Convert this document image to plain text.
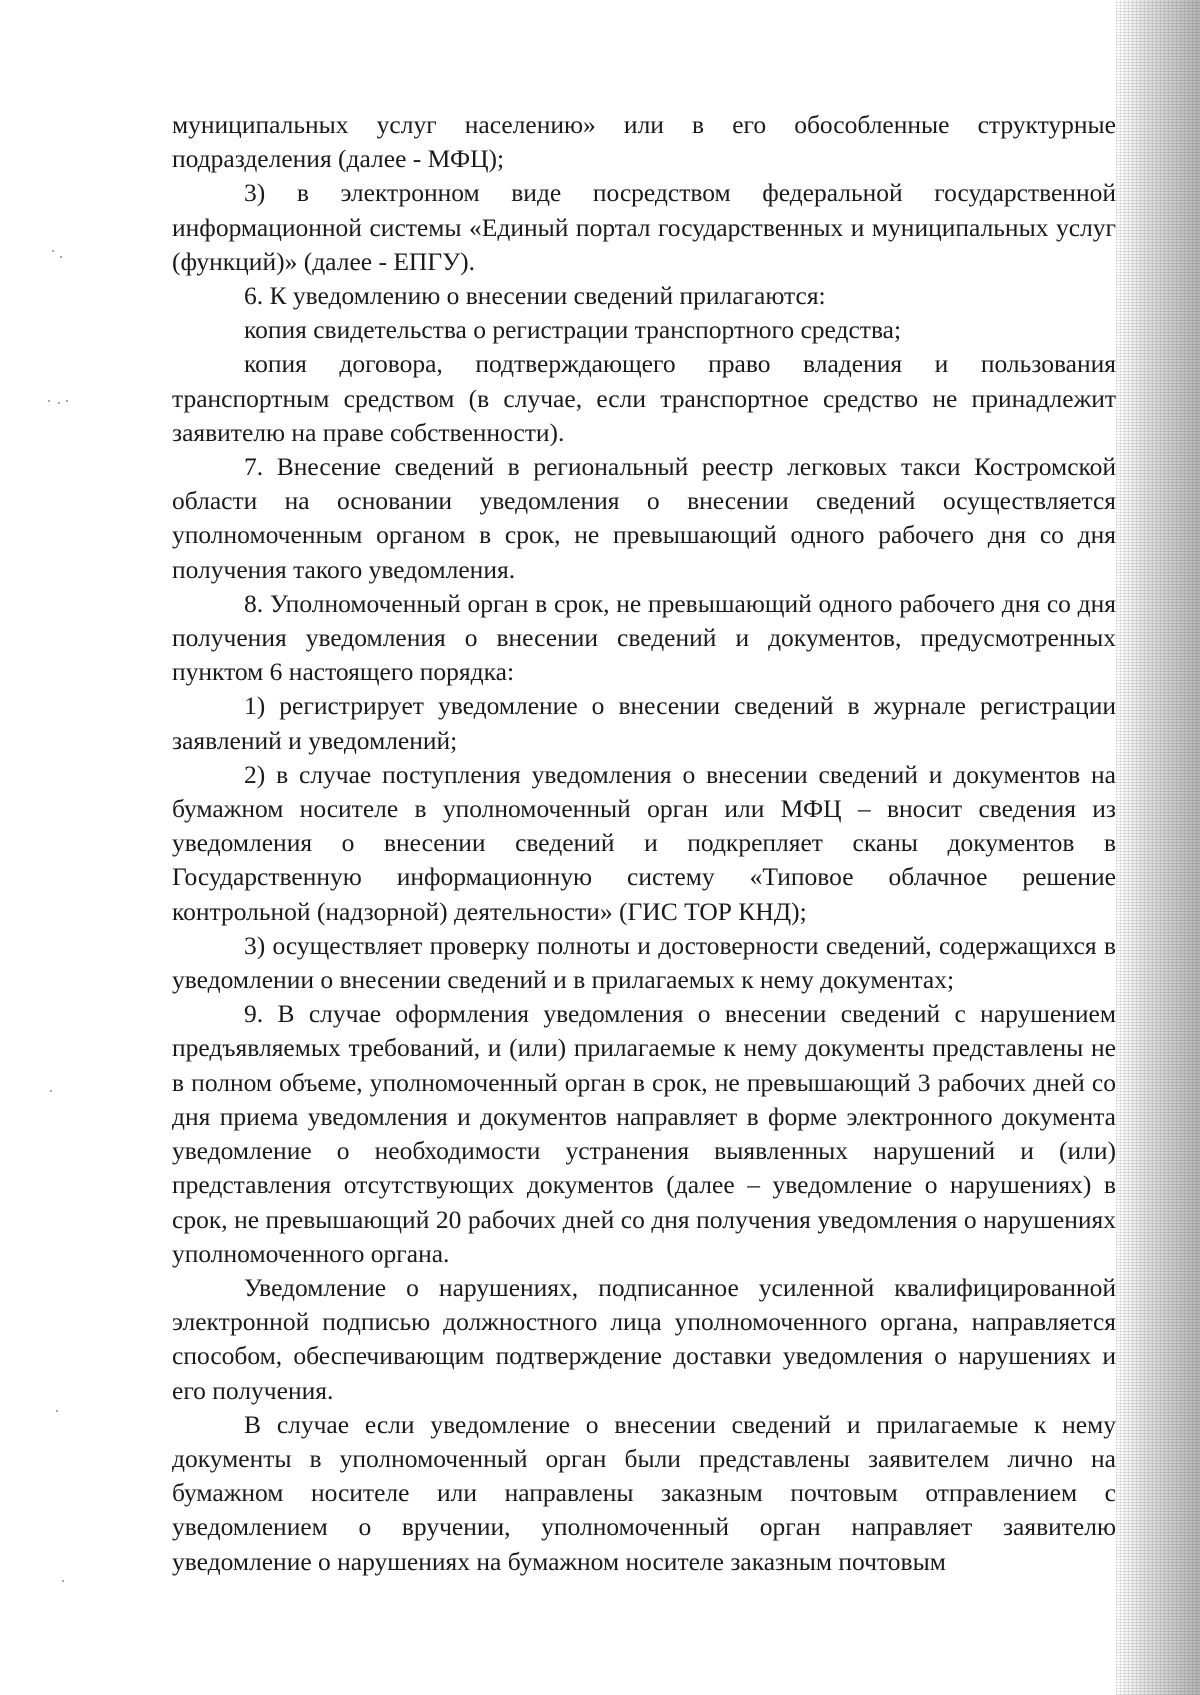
муниципальных услуг населению» или в его обособленные структурные подразделения (далее - МФЦ);

3) в электронном виде посредством федеральной государственной информационной системы «Единый портал государственных и муниципальных услуг (функций)» (далее - ЕПГУ).

6. К уведомлению о внесении сведений прилагаются:

копия свидетельства о регистрации транспортного средства;

копия договора, подтверждающего право владения и пользования транспортным средством (в случае, если транспортное средство не принадлежит заявителю на праве собственности).

7. Внесение сведений в региональный реестр легковых такси Костромской области на основании уведомления о внесении сведений осуществляется уполномоченным органом в срок, не превышающий одного рабочего дня со дня получения такого уведомления.

8. Уполномоченный орган в срок, не превышающий одного рабочего дня со дня получения уведомления о внесении сведений и документов, предусмотренных пунктом 6 настоящего порядка:

1) регистрирует уведомление о внесении сведений в журнале регистрации заявлений и уведомлений;

2) в случае поступления уведомления о внесении сведений и документов на бумажном носителе в уполномоченный орган или МФЦ – вносит сведения из уведомления о внесении сведений и подкрепляет сканы документов в Государственную информационную систему «Типовое облачное решение контрольной (надзорной) деятельности» (ГИС ТОР КНД);

3) осуществляет проверку полноты и достоверности сведений, содержащихся в уведомлении о внесении сведений и в прилагаемых к нему документах;

9. В случае оформления уведомления о внесении сведений с нарушением предъявляемых требований, и (или) прилагаемые к нему документы представлены не в полном объеме, уполномоченный орган в срок, не превышающий 3 рабочих дней со дня приема уведомления и документов направляет в форме электронного документа уведомление о необходимости устранения выявленных нарушений и (или) представления отсутствующих документов (далее – уведомление о нарушениях) в срок, не превышающий 20 рабочих дней со дня получения уведомления о нарушениях уполномоченного органа.

Уведомление о нарушениях, подписанное усиленной квалифицированной электронной подписью должностного лица уполномоченного органа, направляется способом, обеспечивающим подтверждение доставки уведомления о нарушениях и его получения.

В случае если уведомление о внесении сведений и прилагаемые к нему документы в уполномоченный орган были представлены заявителем лично на бумажном носителе или направлены заказным почтовым отправлением с уведомлением о вручении, уполномоченный орган направляет заявителю уведомление о нарушениях на бумажном носителе заказным почтовым
